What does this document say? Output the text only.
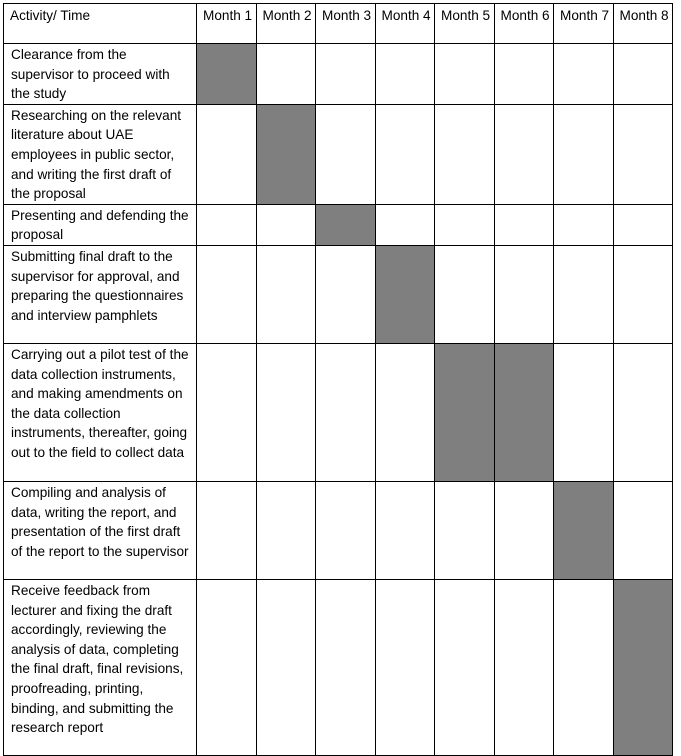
Activity/ Time	Month 1	Month 2	Month 3	Month 4	Month 5	Month 6	Month 7	Month 8
Clearance from the supervisor to proceed with the study								
Researching on the relevant literature about UAE employees in public sector, and writing the first draft of the proposal								
Presenting and defending the proposal								
Submitting final draft to the supervisor for approval, and preparing the questionnaires and interview pamphlets								
Carrying out a pilot test of the data collection instruments, and making amendments on the data collection instruments, thereafter, going out to the field to collect data								
Compiling and analysis of data, writing the report, and presentation of the first draft of the report to the supervisor								
Receive feedback from lecturer and fixing the draft accordingly, reviewing the analysis of data, completing the final draft, final revisions, proofreading, printing, binding, and submitting the research report								
